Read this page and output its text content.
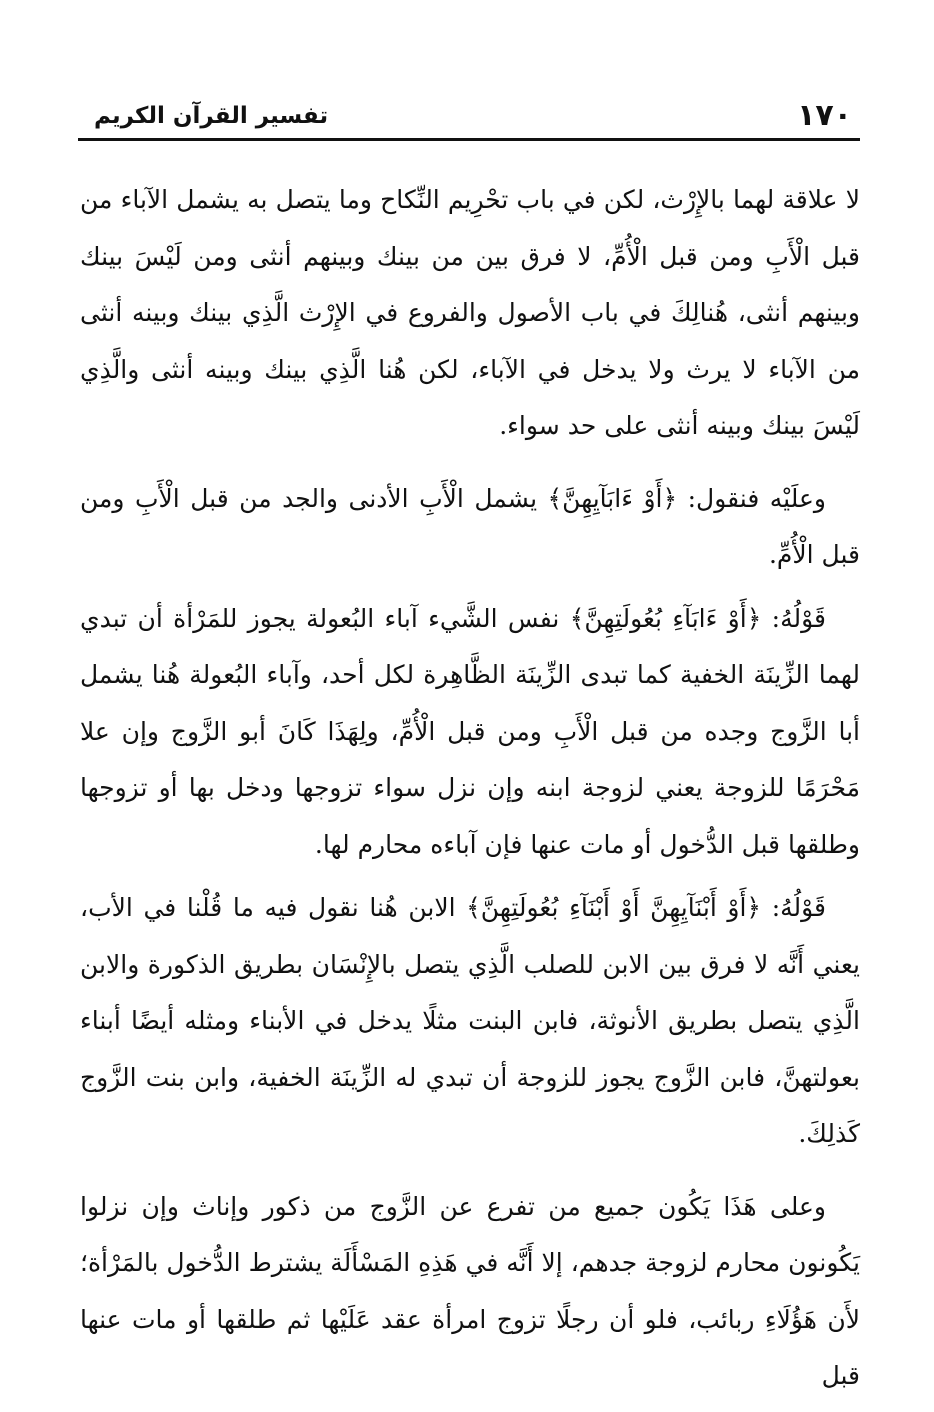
١٧٠
تفسير القرآن الكريم

لا علاقة لهما بالإِرْث، لكن في باب تحْرِيم النِّكاح وما يتصل به يشمل الآباء من قبل الْأَبِ ومن قبل الْأُمِّ، لا فرق بين من بينك وبينهم أنثى ومن لَيْسَ بينك وبينهم أنثى، هُنالِكَ في باب الأصول والفروع في الإِرْث الَّذِي بينك وبينه أنثى من الآباء لا يرث ولا يدخل في الآباء، لكن هُنا الَّذِي بينك وبينه أنثى والَّذِي لَيْسَ بينك وبينه أنثى على حد سواء.

وعلَيْه فنقول: ﴿أَوْ ءَابَآيِهِنَّ﴾ يشمل الْأَبِ الأدنى والجد من قبل الْأَبِ ومن قبل الْأُمِّ.

قَوْلُهُ: ﴿أَوْ ءَابَآءِ بُعُولَتِهِنَّ﴾ نفس الشَّيء آباء البُعولة يجوز للمَرْأة أن تبدي لهما الزِّينَة الخفية كما تبدى الزِّينَة الظَّاهِرة لكل أحد، وآباء البُعولة هُنا يشمل أبا الزَّوج وجده من قبل الْأَبِ ومن قبل الْأُمِّ، ولِهَذَا كَانَ أبو الزَّوج وإن علا مَحْرَمًا للزوجة يعني لزوجة ابنه وإن نزل سواء تزوجها ودخل بها أو تزوجها وطلقها قبل الدُّخول أو مات عنها فإن آباءه محارم لها.

قَوْلُهُ: ﴿أَوْ أَبْنَآيِهِنَّ أَوْ أَبْنَآءِ بُعُولَتِهِنَّ﴾ الابن هُنا نقول فيه ما قُلْنا في الأب، يعني أَنَّه لا فرق بين الابن للصلب الَّذِي يتصل بالإِنْسَان بطريق الذكورة والابن الَّذِي يتصل بطريق الأنوثة، فابن البنت مثلًا يدخل في الأبناء ومثله أيضًا أبناء بعولتهنَّ، فابن الزَّوج يجوز للزوجة أن تبدي له الزِّينَة الخفية، وابن بنت الزَّوج كَذلِكَ.

وعلى هَذَا يَكُون جميع من تفرع عن الزَّوج من ذكور وإناث وإن نزلوا يَكُونون محارم لزوجة جدهم، إلا أَنَّه في هَذِهِ المَسْأَلَة يشترط الدُّخول بالمَرْأة؛ لأَن هَؤُلَاءِ ربائب، فلو أن رجلًا تزوج امرأة عقد عَلَيْها ثم طلقها أو مات عنها قبل
